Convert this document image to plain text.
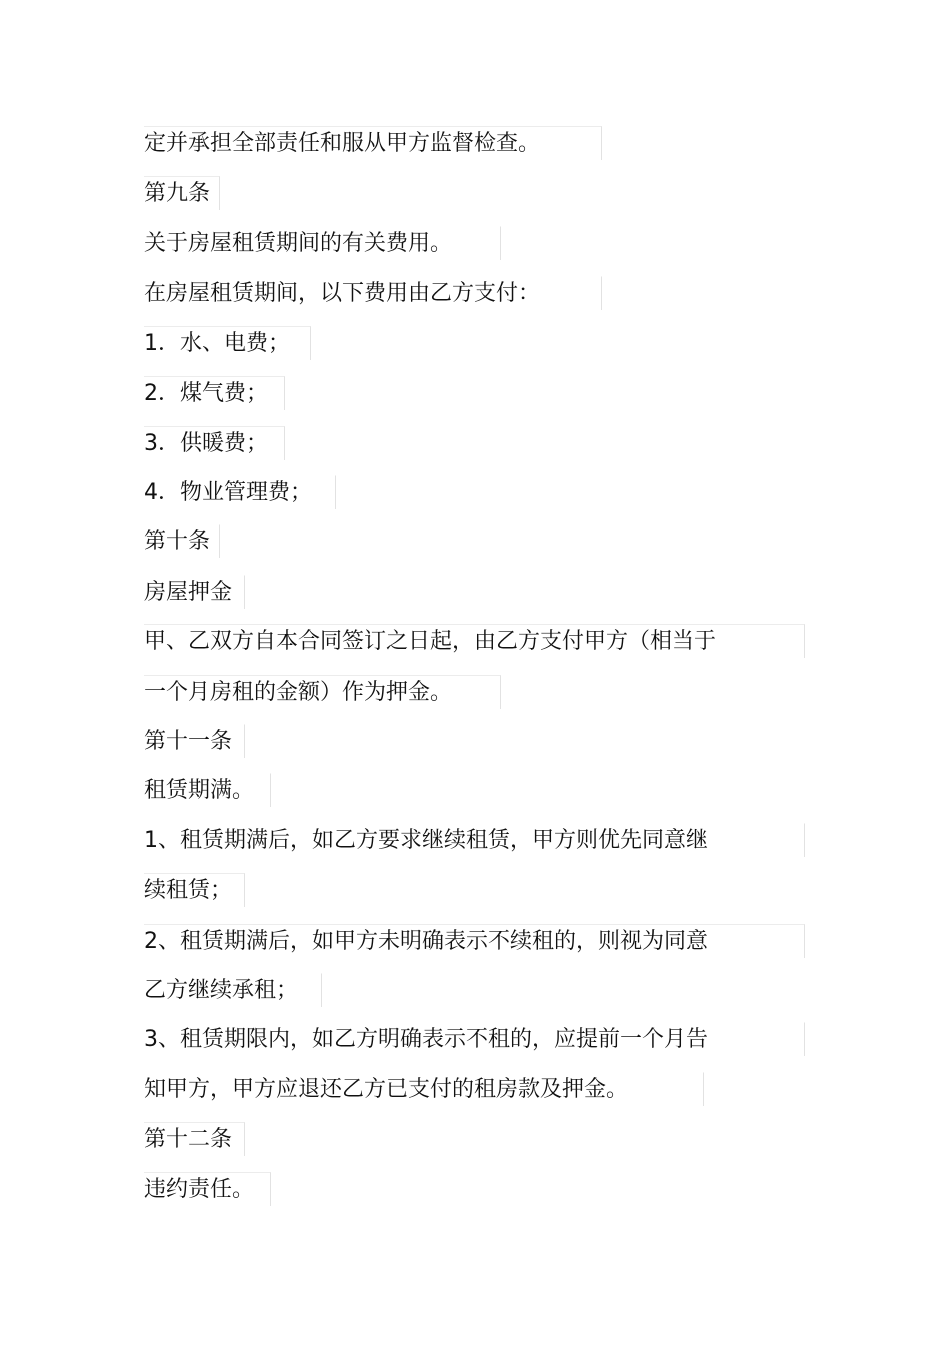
定并承担全部责任和服从甲方监督检查。
第九条
关于房屋租赁期间的有关费用。
在房屋租赁期间，以下费用由乙方支付：
1．水、电费；
2．煤气费；
3．供暖费；
4．物业管理费；
第十条
房屋押金
甲、乙双方自本合同签订之日起，由乙方支付甲方（相当于
一个月房租的金额）作为押金。
第十一条
租赁期满。
1、租赁期满后，如乙方要求继续租赁，甲方则优先同意继
续租赁；
2、租赁期满后，如甲方未明确表示不续租的，则视为同意
乙方继续承租；
3、租赁期限内，如乙方明确表示不租的，应提前一个月告
知甲方，甲方应退还乙方已支付的租房款及押金。
第十二条
违约责任。
